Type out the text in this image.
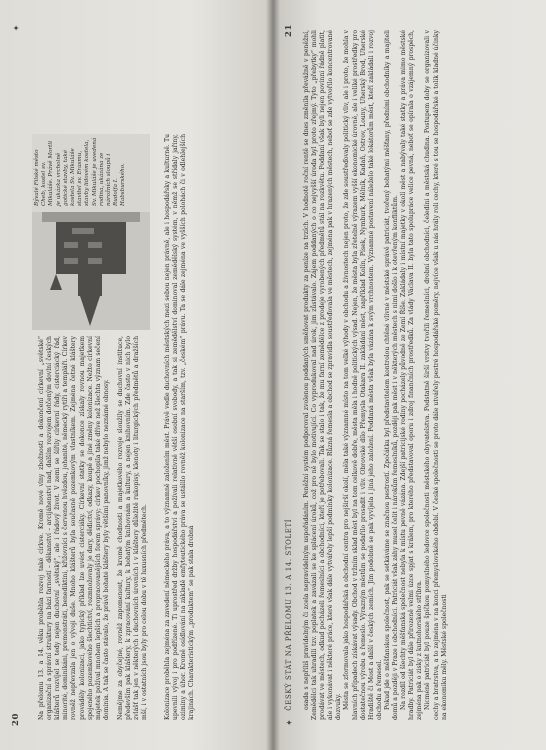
20
✦

Na přelomu 13. a 14. věku proběhla rozvoj také církve. Kromě nové vlny zbožnosti a dokončení církevní „světské“ organizační a správní struktury na bázi farností – děkanství – arcijáhenství nad, dalším rozvojem dotčeným dovlní českých klášterů rozvíjel se tedy nejen duchovní „světský“, ale i řádový život. V zemi se šířily církevní řády, cisterciácký řád, minorité, dominikáni, premonstráti, benediktini, křižovníci s červenou hvězdou, johanité, německý rytíři a templáři. Církev rovněž nepřevzala jen o vývoji duše. Mnoho klášterů byla současně pozemkovým vlastníkem. Zejména četné kláštery prováděly kolonizaci, jako typický příklad lze uvést cisterciáky. Církevní statky se dokonce získaly rovnou majetkem spojeného pozemkového šlechtictví, rozmnožovaly je dary, dědictví, odkazy, koupě a jiné změny kolonizace. Nežto církevní majetek požíval mnohem lepších a propracovanějších forem správy; církev pochopila také dříve než šlechta význam sečení dominia. A tak se často stávalo, že právě bohaté kláštery byly většími panovníky, jimž nebylo neznámé obnosy. Nemějme za obyčejné, rovněž zapomenout, že kromě chodnosti a majetkového rozvoje sloužily se duchovní instituce, především pak kláštery, k zpracování kultury, k bohatým knihovnám a kultury, a nejen knihovním. Zde často v nich bylo zvlášť tak jen v některých i duchovních úrovních i v kláštery důležitě rukopisy, klenoty i liturgických předmětů a dražších mší, i v ostatních jsou byly pro celou dobu v tě luxusních předmětech.

Bývalé Filské město Cheb, kostel sv. Mikuláše. Právě Mortli je ukázka vrcholně gotické stavby, také kostela Sv. Mikuláše stavitel sv. Erasmu, stavby lidovém kostela, Sv. Mikuláše je uvedená rodina, ukázána ze nárožních sloupů i Rudolfa I. Habsburského.	Kolonizace proběhla zejména za zavedení německého práva, a to významně založením měst. Právě vedle duchovních městských mezi sebou nejen právně, ale i hospodářsky a kulturně. Tu upevnili vývoj i pro podřízené. Ti uprostřed držby hospodářství a požívali relativně větší osobní svobody, a tak si zemědělství dominoval zemědělský systém, v němž se střídaly jařiny, oziminy a úhor. Kromě osídlování na základě emfyteutického práva se ustálilo rovněž kolonizace na starším, tzv. „českém“ právu. Ta se dále zejména ve vyšších polohách či v odlehlejších krajinách. Charakteristickým „produktem“ se pak stala drobná

✦
ČESKÝ STÁT NA PŘELOMU 13. A 14. STOLETÍ
21 osada s nepříliš pravidelným či zcela nepravidelným uspořádáním. Peněžní systém podporoval zvolenou poddaných směňovat produkty za peníze na trzích. V hodnotě roční rentě se dnes změnila převážně v peněžní, Zemědělci tak uhradili tzv. poplatek a zavázali se ke splácení úroků, což pro ně bylo motivující. Co vyprodukoval nad úrok, jim zůstávalo. Zájem poddaných o co nejvyšší úroda byl proto zřejmý. Tyto „přebytky“ mohli prodávat ve městech, odkud pocházeli řemeslníci a obchodníci, kteří je potřebovali. Tak se stalo i tak, že mu farní zemědělce z prodeje vyrobených předmětů stál na rozkvětu. Poddaní však byli nejen povinni řádně platit, ale i vykonávat i některé práce, které však dále vytvářely lepší podmínky kolonizace. Různá řemesla a obchod se zpravidla soustřeďovala ve městech, zejména pak v hrazených městech, neboť se zde vytvořilo koncentrované dozvuky. Města se zformovala jako hospodářská a obchodní centra pro nejširší okolí, měla také významné místo na tom velké výhody v obchodu a živnostech nejen proto, že zde soustřeďovaly politický vliv, ale i proto, že mohla v hlavních případech získávat výsady. Obchod v tržním sklad měst byl na tom celkově dobře, města měla i hodně politických výsad. Nejen, že města byla zřetelně výrazem vyšší ekonomické úrovně, ale i veliké prostředky pro dostatečnou výrobu a řemeslo. Výrazným městům se podařilo prosadit i vliv. Obrovské dílo Přemysla Otakara II. zakládání měst, například Kolín, Písek, Nymburk, Mělník, Kadaň, Ostrov, Louny, Uherský Brod, Uherské Hradiště či Most a další v českých zemích. Jim podobně se pak vyvíjela i jiná jeho založení. Poddaná města však byla vázána k svým vrchnostem. Významné postavení náleželo také lokátorům měst, kteří zakládali i rozvoj obchodu a řemesel. Pokud jde o měšťanskou společnost, pak se setkáváme se značnou pestrostí. Zpočátku byl představitelem kontrolou chtěné vlivné v městské správě patriciát, tvořený bohatými měšťany, předními obchodníky a majiteli domů a později v Praze i obchodníci. Patriciát však záhy musel čelit i nárokům řemeslníků, později pak měst i v některých městech s nimi došlo i k otevřeným konfliktům. Na rozdíl od šlechty měšťanská společnost nebyla k místu pevně vázána. Zdejší patricijské rodiny pocházely původně ze Zemí Říše. Zakládaly i místní majetky v okolí měst a nabývaly také statky a práva mimo městské hradby. Patriciát byl dále přirozeně velmi úzce spjat s králem, pro kterého představoval oporu i zdroj finančních prostředků. Za vlády Václava II. byla tato spolupráce velice pevná, neboť se opírala o vzájemný prospěch, zejména pak o zisky z kutnohorského stříbra. Nicméně patriciát byl pouze špičkou pomyslného ledovce společnosti městského obyvatelstva. Podstatně širší vrstvy tvořili řemeslníci, drobní obchodníci, čeledíni a městská chudina. Postupem doby se organizovali v cechy a bratrstva, a to zejména v na konci přemyslovského období. V české společnosti se proto dále utvářely pestré hospodářské poměry, nejvíce však u nás hrály roli cechy, které s tou se hospodářské a tolik kladné účinky na ekonomiku měly. Městské společnosti
